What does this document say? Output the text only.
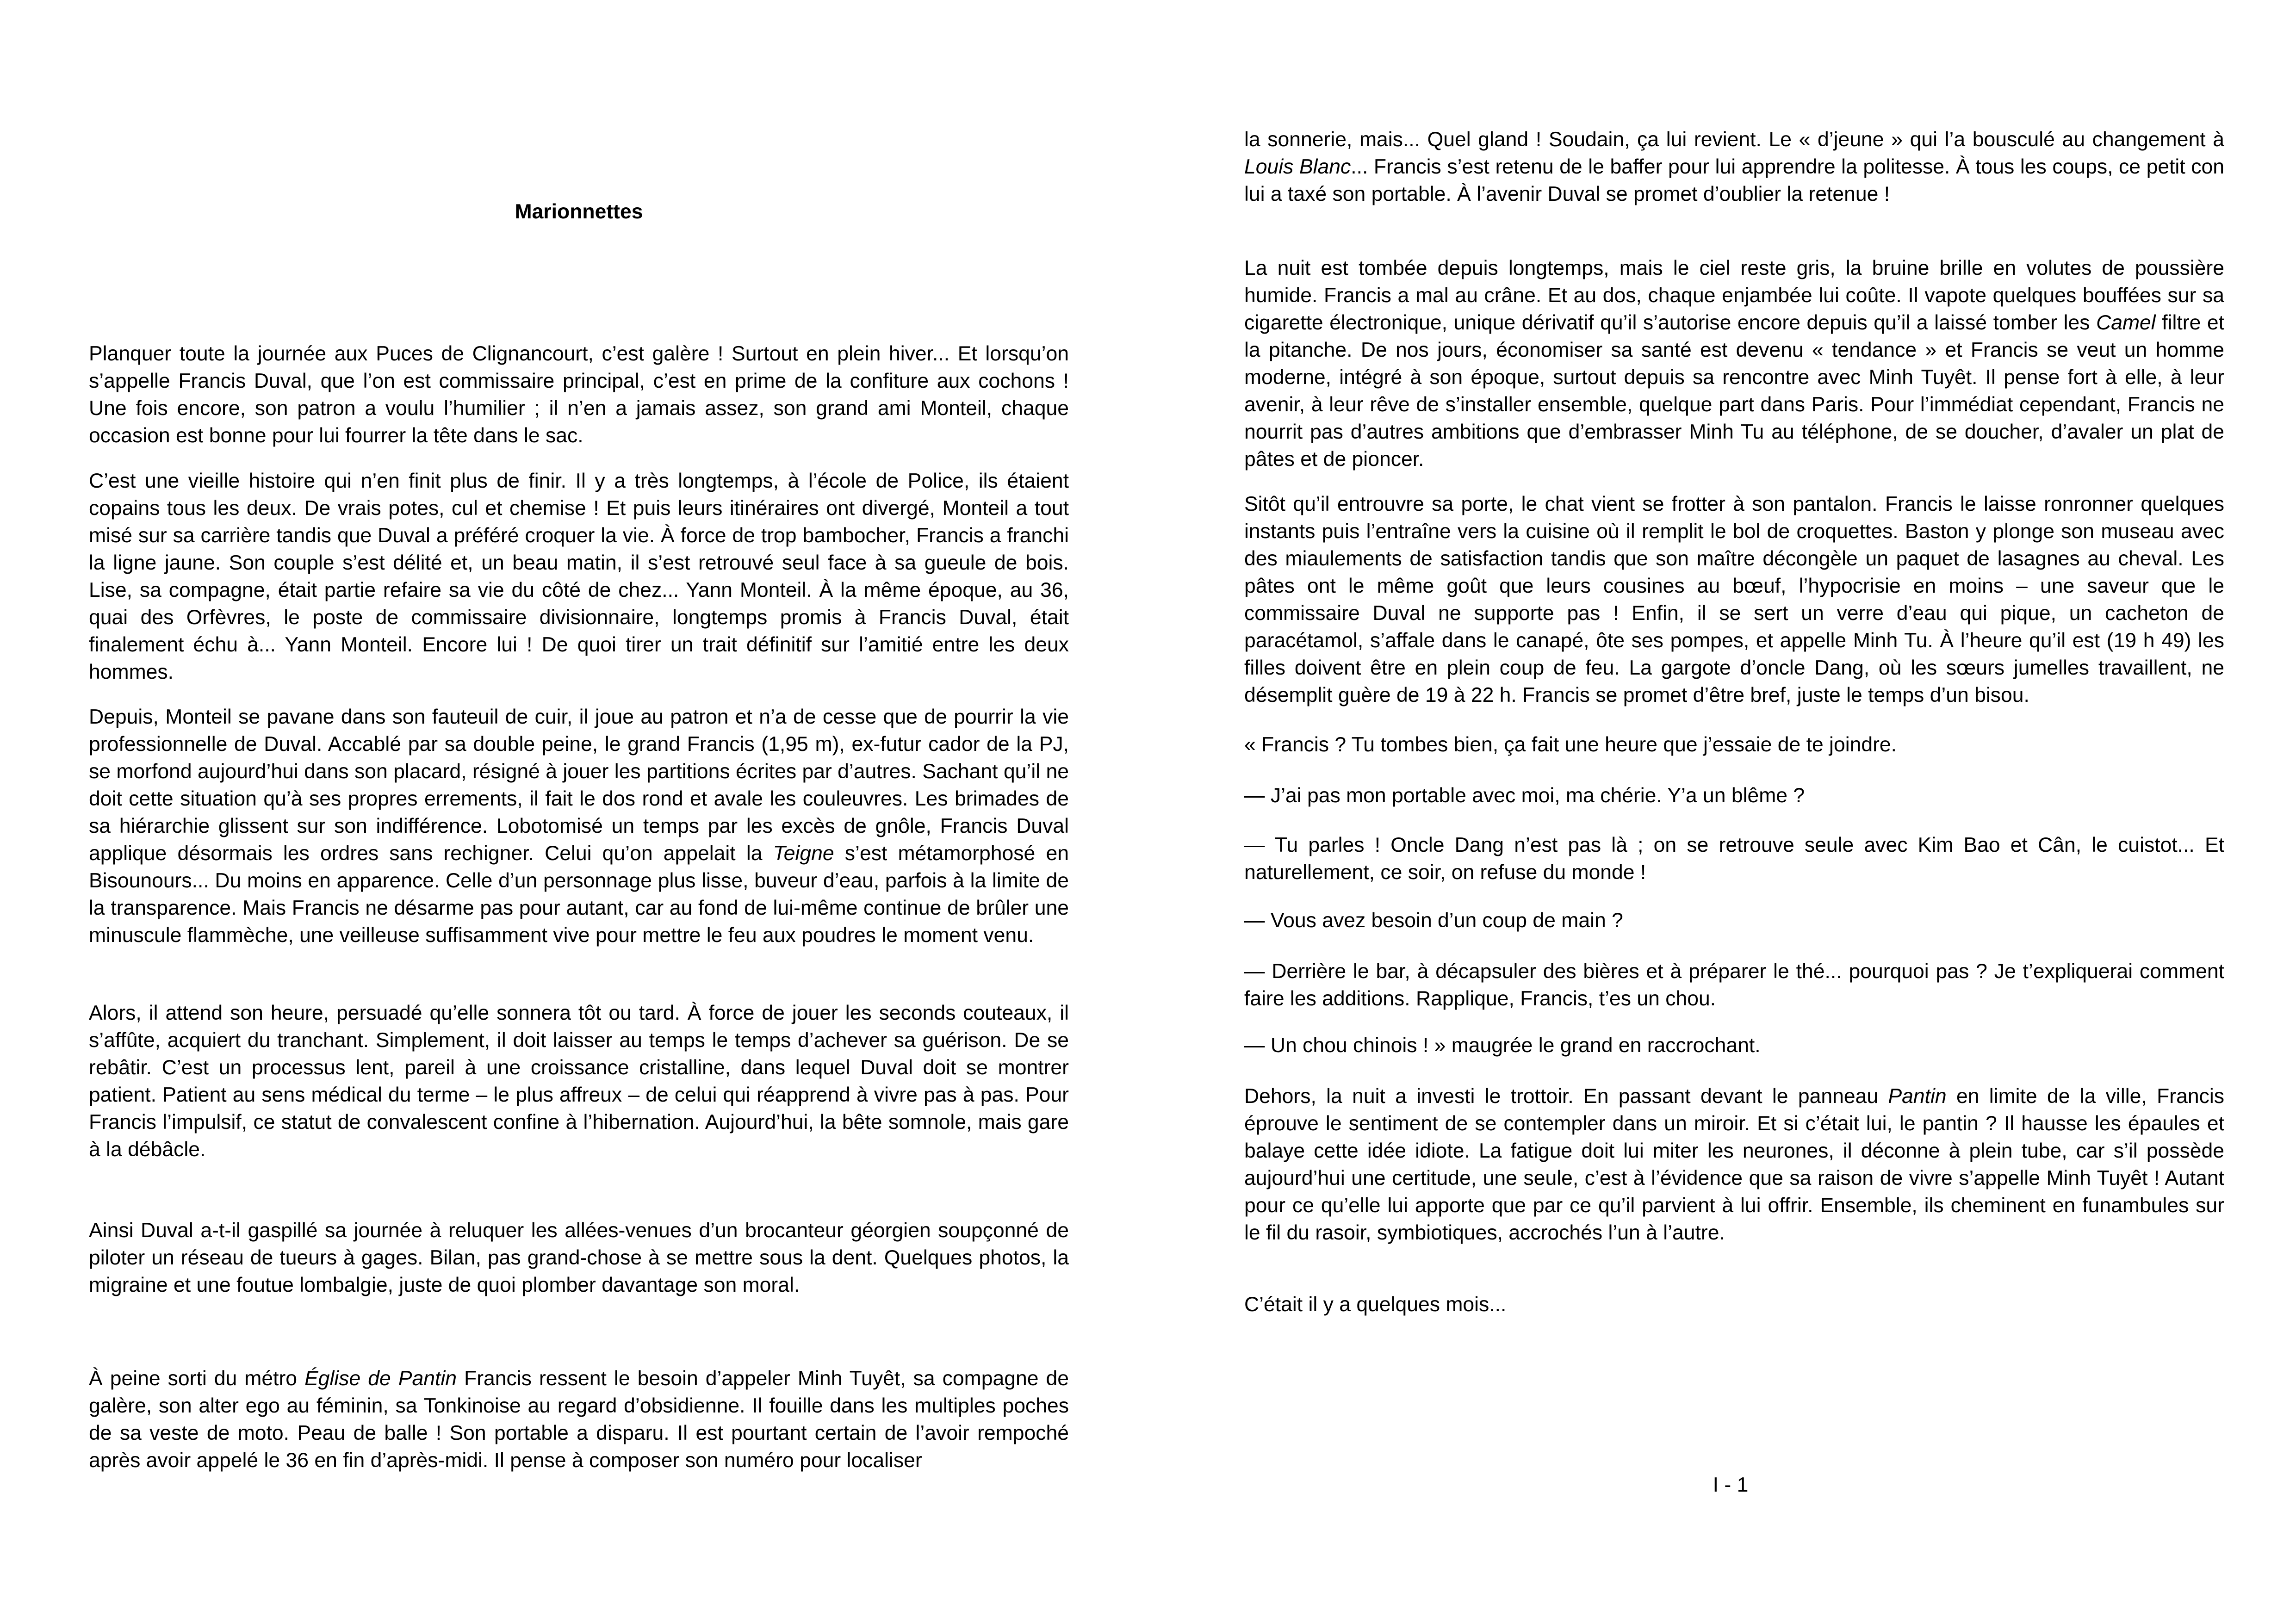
Marionnettes

Planquer toute la journée aux Puces de Clignancourt, c’est galère ! Surtout en plein hiver... Et lorsqu’on s’appelle Francis Duval, que l’on est commissaire principal, c’est en prime de la confiture aux cochons ! Une fois encore, son patron a voulu l’humilier ; il n’en a jamais assez, son grand ami Monteil, chaque occasion est bonne pour lui fourrer la tête dans le sac.

C’est une vieille histoire qui n’en finit plus de finir. Il y a très longtemps, à l’école de Police, ils étaient copains tous les deux. De vrais potes, cul et chemise ! Et puis leurs itinéraires ont divergé, Monteil a tout misé sur sa carrière tandis que Duval a préféré croquer la vie. À force de trop bambocher, Francis a franchi la ligne jaune. Son couple s’est délité et, un beau matin, il s’est retrouvé seul face à sa gueule de bois. Lise, sa compagne, était partie refaire sa vie du côté de chez... Yann Monteil. À la même époque, au 36, quai des Orfèvres, le poste de commissaire divisionnaire, longtemps promis à Francis Duval, était finalement échu à... Yann Monteil. Encore lui ! De quoi tirer un trait définitif sur l’amitié entre les deux hommes.

Depuis, Monteil se pavane dans son fauteuil de cuir, il joue au patron et n’a de cesse que de pourrir la vie professionnelle de Duval. Accablé par sa double peine, le grand Francis (1,95 m), ex-futur cador de la PJ, se morfond aujourd’hui dans son placard, résigné à jouer les partitions écrites par d’autres. Sachant qu’il ne doit cette situation qu’à ses propres errements, il fait le dos rond et avale les couleuvres. Les brimades de sa hiérarchie glissent sur son indifférence. Lobotomisé un temps par les excès de gnôle, Francis Duval applique désormais les ordres sans rechigner. Celui qu’on appelait la Teigne s’est métamorphosé en Bisounours... Du moins en apparence. Celle d’un personnage plus lisse, buveur d’eau, parfois à la limite de la transparence. Mais Francis ne désarme pas pour autant, car au fond de lui-même continue de brûler une minuscule flammèche, une veilleuse suffisamment vive pour mettre le feu aux poudres le moment venu.

Alors, il attend son heure, persuadé qu’elle sonnera tôt ou tard. À force de jouer les seconds couteaux, il s’affûte, acquiert du tranchant. Simplement, il doit laisser au temps le temps d’achever sa guérison. De se rebâtir. C’est un processus lent, pareil à une croissance cristalline, dans lequel Duval doit se montrer patient. Patient au sens médical du terme – le plus affreux – de celui qui réapprend à vivre pas à pas. Pour Francis l’impulsif, ce statut de convalescent confine à l’hibernation. Aujourd’hui, la bête somnole, mais gare à la débâcle.

Ainsi Duval a-t-il gaspillé sa journée à reluquer les allées-venues d’un brocanteur géorgien soupçonné de piloter un réseau de tueurs à gages. Bilan, pas grand-chose à se mettre sous la dent. Quelques photos, la migraine et une foutue lombalgie, juste de quoi plomber davantage son moral.

À peine sorti du métro Église de Pantin Francis ressent le besoin d’appeler Minh Tuyêt, sa compagne de galère, son alter ego au féminin, sa Tonkinoise au regard d’obsidienne. Il fouille dans les multiples poches de sa veste de moto. Peau de balle ! Son portable a disparu. Il est pourtant certain de l’avoir rempoché après avoir appelé le 36 en fin d’après-midi. Il pense à composer son numéro pour localiser

la sonnerie, mais... Quel gland ! Soudain, ça lui revient. Le « d’jeune » qui l’a bousculé au changement à Louis Blanc... Francis s’est retenu de le baffer pour lui apprendre la politesse. À tous les coups, ce petit con lui a taxé son portable. À l’avenir Duval se promet d’oublier la retenue !

La nuit est tombée depuis longtemps, mais le ciel reste gris, la bruine brille en volutes de poussière humide. Francis a mal au crâne. Et au dos, chaque enjambée lui coûte. Il vapote quelques bouffées sur sa cigarette électronique, unique dérivatif qu’il s’autorise encore depuis qu’il a laissé tomber les Camel filtre et la pitanche. De nos jours, économiser sa santé est devenu « tendance » et Francis se veut un homme moderne, intégré à son époque, surtout depuis sa rencontre avec Minh Tuyêt. Il pense fort à elle, à leur avenir, à leur rêve de s’installer ensemble, quelque part dans Paris. Pour l’immédiat cependant, Francis ne nourrit pas d’autres ambitions que d’embrasser Minh Tu au téléphone, de se doucher, d’avaler un plat de pâtes et de pioncer.

Sitôt qu’il entrouvre sa porte, le chat vient se frotter à son pantalon. Francis le laisse ronronner quelques instants puis l’entraîne vers la cuisine où il remplit le bol de croquettes. Baston y plonge son museau avec des miaulements de satisfaction tandis que son maître décongèle un paquet de lasagnes au cheval. Les pâtes ont le même goût que leurs cousines au bœuf, l’hypocrisie en moins – une saveur que le commissaire Duval ne supporte pas ! Enfin, il se sert un verre d’eau qui pique, un cacheton de paracétamol, s’affale dans le canapé, ôte ses pompes, et appelle Minh Tu. À l’heure qu’il est (19 h 49) les filles doivent être en plein coup de feu. La gargote d’oncle Dang, où les sœurs jumelles travaillent, ne désemplit guère de 19 à 22 h. Francis se promet d’être bref, juste le temps d’un bisou.

« Francis ? Tu tombes bien, ça fait une heure que j’essaie de te joindre.

— J’ai pas mon portable avec moi, ma chérie. Y’a un blême ?

— Tu parles ! Oncle Dang n’est pas là ; on se retrouve seule avec Kim Bao et Cân, le cuistot... Et naturellement, ce soir, on refuse du monde !

— Vous avez besoin d’un coup de main ?

— Derrière le bar, à décapsuler des bières et à préparer le thé... pourquoi pas ? Je t’expliquerai comment faire les additions. Rapplique, Francis, t’es un chou.

— Un chou chinois ! » maugrée le grand en raccrochant.

Dehors, la nuit a investi le trottoir. En passant devant le panneau Pantin en limite de la ville, Francis éprouve le sentiment de se contempler dans un miroir. Et si c’était lui, le pantin ? Il hausse les épaules et balaye cette idée idiote. La fatigue doit lui miter les neurones, il déconne à plein tube, car s’il possède aujourd’hui une certitude, une seule, c’est à l’évidence que sa raison de vivre s’appelle Minh Tuyêt ! Autant pour ce qu’elle lui apporte que par ce qu’il parvient à lui offrir. Ensemble, ils cheminent en funambules sur le fil du rasoir, symbiotiques, accrochés l’un à l’autre.

C’était il y a quelques mois...

I - 1
